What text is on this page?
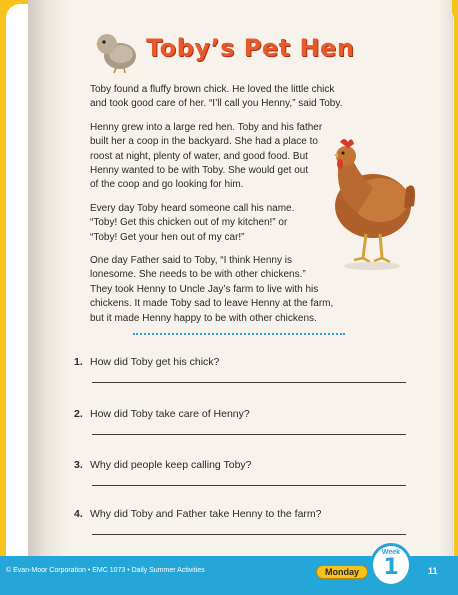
Toby’s Pet Hen

Toby found a fluffy brown chick. He loved the little chick
and took good care of her. “I’ll call you Henny,” said Toby.

Henny grew into a large red hen. Toby and his father
built her a coop in the backyard. She had a place to
roost at night, plenty of water, and good food. But
Henny wanted to be with Toby. She would get out
of the coop and go looking for him.

Every day Toby heard someone call his name.
“Toby! Get this chicken out of my kitchen!” or
“Toby! Get your hen out of my car!”

One day Father said to Toby, “I think Henny is
lonesome. She needs to be with other chickens.”
They took Henny to Uncle Jay’s farm to live with his
chickens. It made Toby sad to leave Henny at the farm,
but it made Henny happy to be with other chickens.

1. How did Toby get his chick?
2. How did Toby take care of Henny?
3. Why did people keep calling Toby?
4. Why did Toby and Father take Henny to the farm?
© Evan-Moor Corporation • EMC 1073 • Daily Summer Activities	Monday
Week
1	11
